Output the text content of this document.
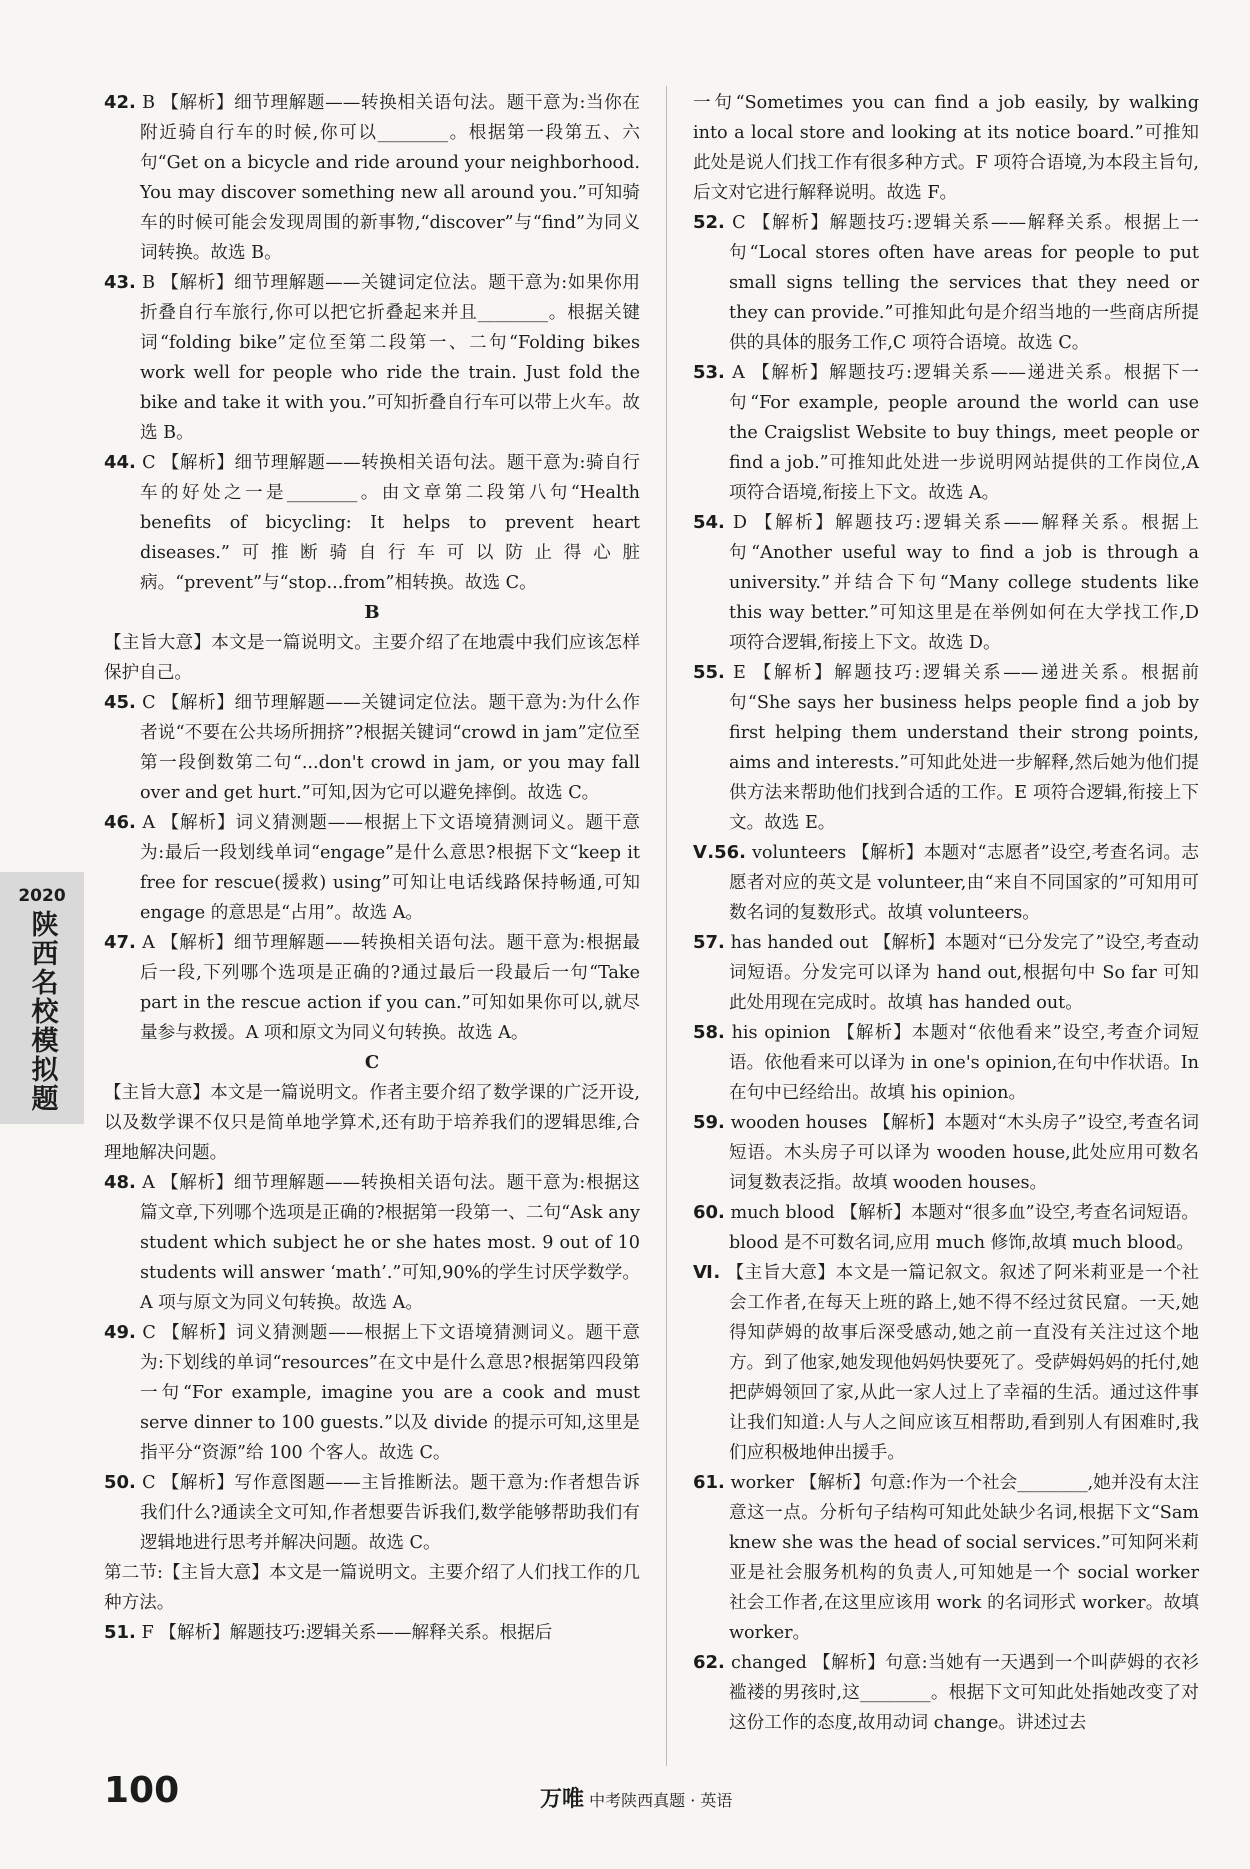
42. B 【解析】细节理解题——转换相关语句法。题干意为:当你在附近骑自行车的时候,你可以________。根据第一段第五、六句“Get on a bicycle and ride around your neighborhood. You may discover something new all around you.”可知骑车的时候可能会发现周围的新事物,“discover”与“find”为同义词转换。故选 B。

43. B 【解析】细节理解题——关键词定位法。题干意为:如果你用折叠自行车旅行,你可以把它折叠起来并且________。根据关键词“folding bike”定位至第二段第一、二句“Folding bikes work well for people who ride the train. Just fold the bike and take it with you.”可知折叠自行车可以带上火车。故选 B。

44. C 【解析】细节理解题——转换相关语句法。题干意为:骑自行车的好处之一是________。由文章第二段第八句“Health benefits of bicycling: It helps to prevent heart diseases.”可推断骑自行车可以防止得心脏病。“prevent”与“stop...from”相转换。故选 C。

B

【主旨大意】本文是一篇说明文。主要介绍了在地震中我们应该怎样保护自己。

45. C 【解析】细节理解题——关键词定位法。题干意为:为什么作者说“不要在公共场所拥挤”?根据关键词“crowd in jam”定位至第一段倒数第二句“...don't crowd in jam, or you may fall over and get hurt.”可知,因为它可以避免摔倒。故选 C。

46. A 【解析】词义猜测题——根据上下文语境猜测词义。题干意为:最后一段划线单词“engage”是什么意思?根据下文“keep it free for rescue(援救) using”可知让电话线路保持畅通,可知 engage 的意思是“占用”。故选 A。

47. A 【解析】细节理解题——转换相关语句法。题干意为:根据最后一段,下列哪个选项是正确的?通过最后一段最后一句“Take part in the rescue action if you can.”可知如果你可以,就尽量参与救援。A 项和原文为同义句转换。故选 A。

C

【主旨大意】本文是一篇说明文。作者主要介绍了数学课的广泛开设,以及数学课不仅只是简单地学算术,还有助于培养我们的逻辑思维,合理地解决问题。

48. A 【解析】细节理解题——转换相关语句法。题干意为:根据这篇文章,下列哪个选项是正确的?根据第一段第一、二句“Ask any student which subject he or she hates most. 9 out of 10 students will answer ‘math’.”可知,90%的学生讨厌学数学。A 项与原文为同义句转换。故选 A。

49. C 【解析】词义猜测题——根据上下文语境猜测词义。题干意为:下划线的单词“resources”在文中是什么意思?根据第四段第一句“For example, imagine you are a cook and must serve dinner to 100 guests.”以及 divide 的提示可知,这里是指平分“资源”给 100 个客人。故选 C。

50. C 【解析】写作意图题——主旨推断法。题干意为:作者想告诉我们什么?通读全文可知,作者想要告诉我们,数学能够帮助我们有逻辑地进行思考并解决问题。故选 C。

第二节:【主旨大意】本文是一篇说明文。主要介绍了人们找工作的几种方法。

51. F 【解析】解题技巧:逻辑关系——解释关系。根据后

一句“Sometimes you can find a job easily, by walking into a local store and looking at its notice board.”可推知此处是说人们找工作有很多种方式。F 项符合语境,为本段主旨句,后文对它进行解释说明。故选 F。

52. C 【解析】解题技巧:逻辑关系——解释关系。根据上一句“Local stores often have areas for people to put small signs telling the services that they need or they can provide.”可推知此句是介绍当地的一些商店所提供的具体的服务工作,C 项符合语境。故选 C。

53. A 【解析】解题技巧:逻辑关系——递进关系。根据下一句“For example, people around the world can use the Craigslist Website to buy things, meet people or find a job.”可推知此处进一步说明网站提供的工作岗位,A 项符合语境,衔接上下文。故选 A。

54. D 【解析】解题技巧:逻辑关系——解释关系。根据上句“Another useful way to find a job is through a university.”并结合下句“Many college students like this way better.”可知这里是在举例如何在大学找工作,D 项符合逻辑,衔接上下文。故选 D。

55. E 【解析】解题技巧:逻辑关系——递进关系。根据前句“She says her business helps people find a job by first helping them understand their strong points, aims and interests.”可知此处进一步解释,然后她为他们提供方法来帮助他们找到合适的工作。E 项符合逻辑,衔接上下文。故选 E。

Ⅴ.56. volunteers 【解析】本题对“志愿者”设空,考查名词。志愿者对应的英文是 volunteer,由“来自不同国家的”可知用可数名词的复数形式。故填 volunteers。

57. has handed out 【解析】本题对“已分发完了”设空,考查动词短语。分发完可以译为 hand out,根据句中 So far 可知此处用现在完成时。故填 has handed out。

58. his opinion 【解析】本题对“依他看来”设空,考查介词短语。依他看来可以译为 in one's opinion,在句中作状语。In 在句中已经给出。故填 his opinion。

59. wooden houses 【解析】本题对“木头房子”设空,考查名词短语。木头房子可以译为 wooden house,此处应用可数名词复数表泛指。故填 wooden houses。

60. much blood 【解析】本题对“很多血”设空,考查名词短语。blood 是不可数名词,应用 much 修饰,故填 much blood。

Ⅵ. 【主旨大意】本文是一篇记叙文。叙述了阿米莉亚是一个社会工作者,在每天上班的路上,她不得不经过贫民窟。一天,她得知萨姆的故事后深受感动,她之前一直没有关注过这个地方。到了他家,她发现他妈妈快要死了。受萨姆妈妈的托付,她把萨姆领回了家,从此一家人过上了幸福的生活。通过这件事让我们知道:人与人之间应该互相帮助,看到别人有困难时,我们应积极地伸出援手。

61. worker 【解析】句意:作为一个社会________,她并没有太注意这一点。分析句子结构可知此处缺少名词,根据下文“Sam knew she was the head of social services.”可知阿米莉亚是社会服务机构的负责人,可知她是一个 social worker 社会工作者,在这里应该用 work 的名词形式 worker。故填 worker。

62. changed 【解析】句意:当她有一天遇到一个叫萨姆的衣衫褴褛的男孩时,这________。根据下文可知此处指她改变了对这份工作的态度,故用动词 change。讲述过去

2020
陕西名校模拟题
100	万唯 中考陕西真题 · 英语
